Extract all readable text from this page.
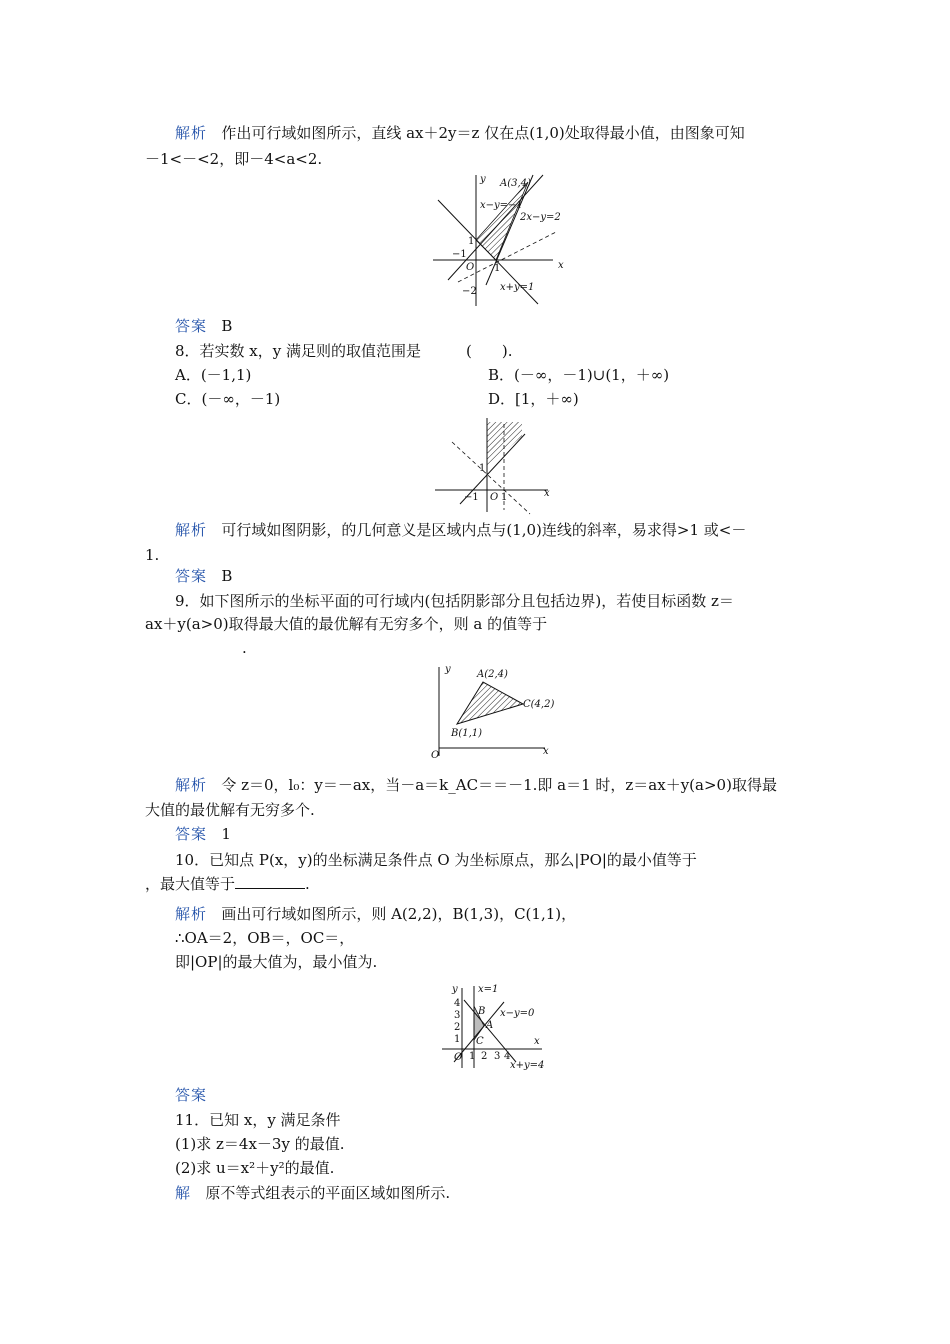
解析 作出可行域如图所示，直线 ax＋2y＝z 仅在点(1,0)处取得最小值，由图象可知
－1<－<2，即－4<a<2.
y
x
A(3,4)
x−y=−1
2x−y=2
x+y=1
1
−1
O 1
−2
答案 B
8．若实数 x，y 满足则的取值范围是　　　(　　).
A．(－1,1)	B．(－∞，－1)∪(1，＋∞)
C．(－∞，－1)	D．[1，＋∞)
1
−1 O 1	x
解析 可行域如图阴影，的几何意义是区域内点与(1,0)连线的斜率，易求得>1 或<－
1.
答案 B
9．如下图所示的坐标平面的可行域内(包括阴影部分且包括边界)，若使目标函数 z＝
ax＋y(a>0)取得最大值的最优解有无穷多个，则 a 的值等于
.
y
x
A(2,4)
B(1,1)
C(4,2)
O
解析 令 z＝0，l₀：y＝－ax，当－a＝k_AC＝＝－1.即 a＝1 时，z＝ax＋y(a>0)取得最
大值的最优解有无穷多个.
答案 1
10．已知点 P(x，y)的坐标满足条件点 O 为坐标原点，那么|PO|的最小值等于
，最大值等于	.
解析 画出可行域如图所示，则 A(2,2)，B(1,3)，C(1,1)，
∴OA＝2，OB＝，OC＝，
即|OP|的最大值为，最小值为.
y x=1
x−y=0
x
x+y=4
B
A
C
O
4
3
2
1
1 2 3 4
答案
11．已知 x，y 满足条件
(1)求 z＝4x－3y 的最值.
(2)求 u＝x²＋y²的最值.
解 原不等式组表示的平面区域如图所示.
